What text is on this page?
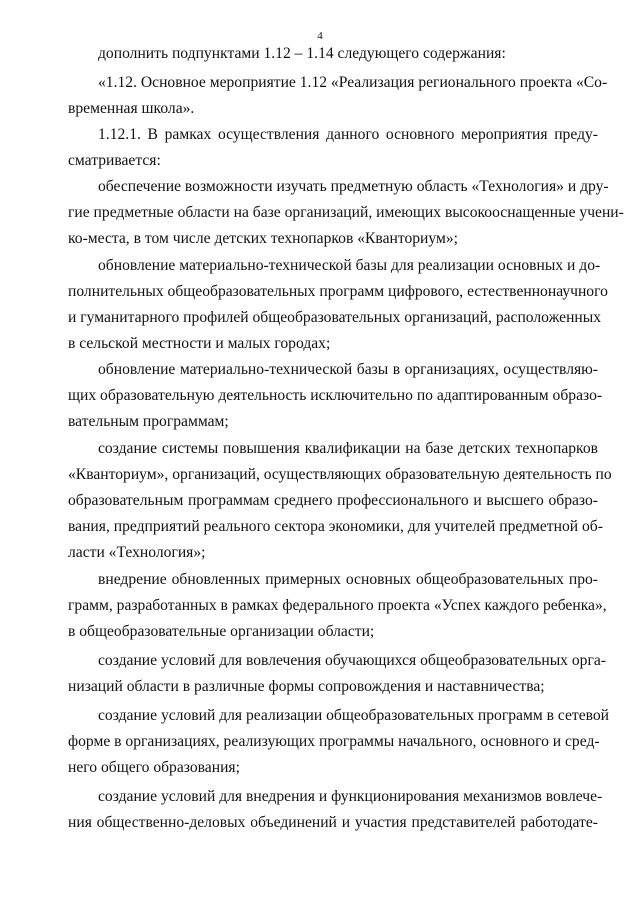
4
дополнить подпунктами 1.12 – 1.14 следующего содержания:
«1.12. Основное мероприятие 1.12 «Реализация регионального проекта «Со-
временная школа».
1.12.1. В рамках осуществления данного основного мероприятия преду-
сматривается:
обеспечение возможности изучать предметную область «Технология» и дру-
гие предметные области на базе организаций, имеющих высокооснащенные учени-
ко-места, в том числе детских технопарков «Кванториум»;
обновление материально-технической базы для реализации основных и до-
полнительных общеобразовательных программ цифрового, естественнонаучного
и гуманитарного профилей общеобразовательных организаций, расположенных
в сельской местности и малых городах;
обновление материально-технической базы в организациях, осуществляю-
щих образовательную деятельность исключительно по адаптированным образо-
вательным программам;
создание системы повышения квалификации на базе детских технопарков
«Кванториум», организаций, осуществляющих образовательную деятельность по
образовательным программам среднего профессионального и высшего образо-
вания, предприятий реального сектора экономики, для учителей предметной об-
ласти «Технология»;
внедрение обновленных примерных основных общеобразовательных про-
грамм, разработанных в рамках федерального проекта «Успех каждого ребенка»,
в общеобразовательные организации области;
создание условий для вовлечения обучающихся общеобразовательных орга-
низаций области в различные формы сопровождения и наставничества;
создание условий для реализации общеобразовательных программ в сетевой
форме в организациях, реализующих программы начального, основного и сред-
него общего образования;
создание условий для внедрения и функционирования механизмов вовлече-
ния общественно-деловых объединений и участия представителей работодате-
